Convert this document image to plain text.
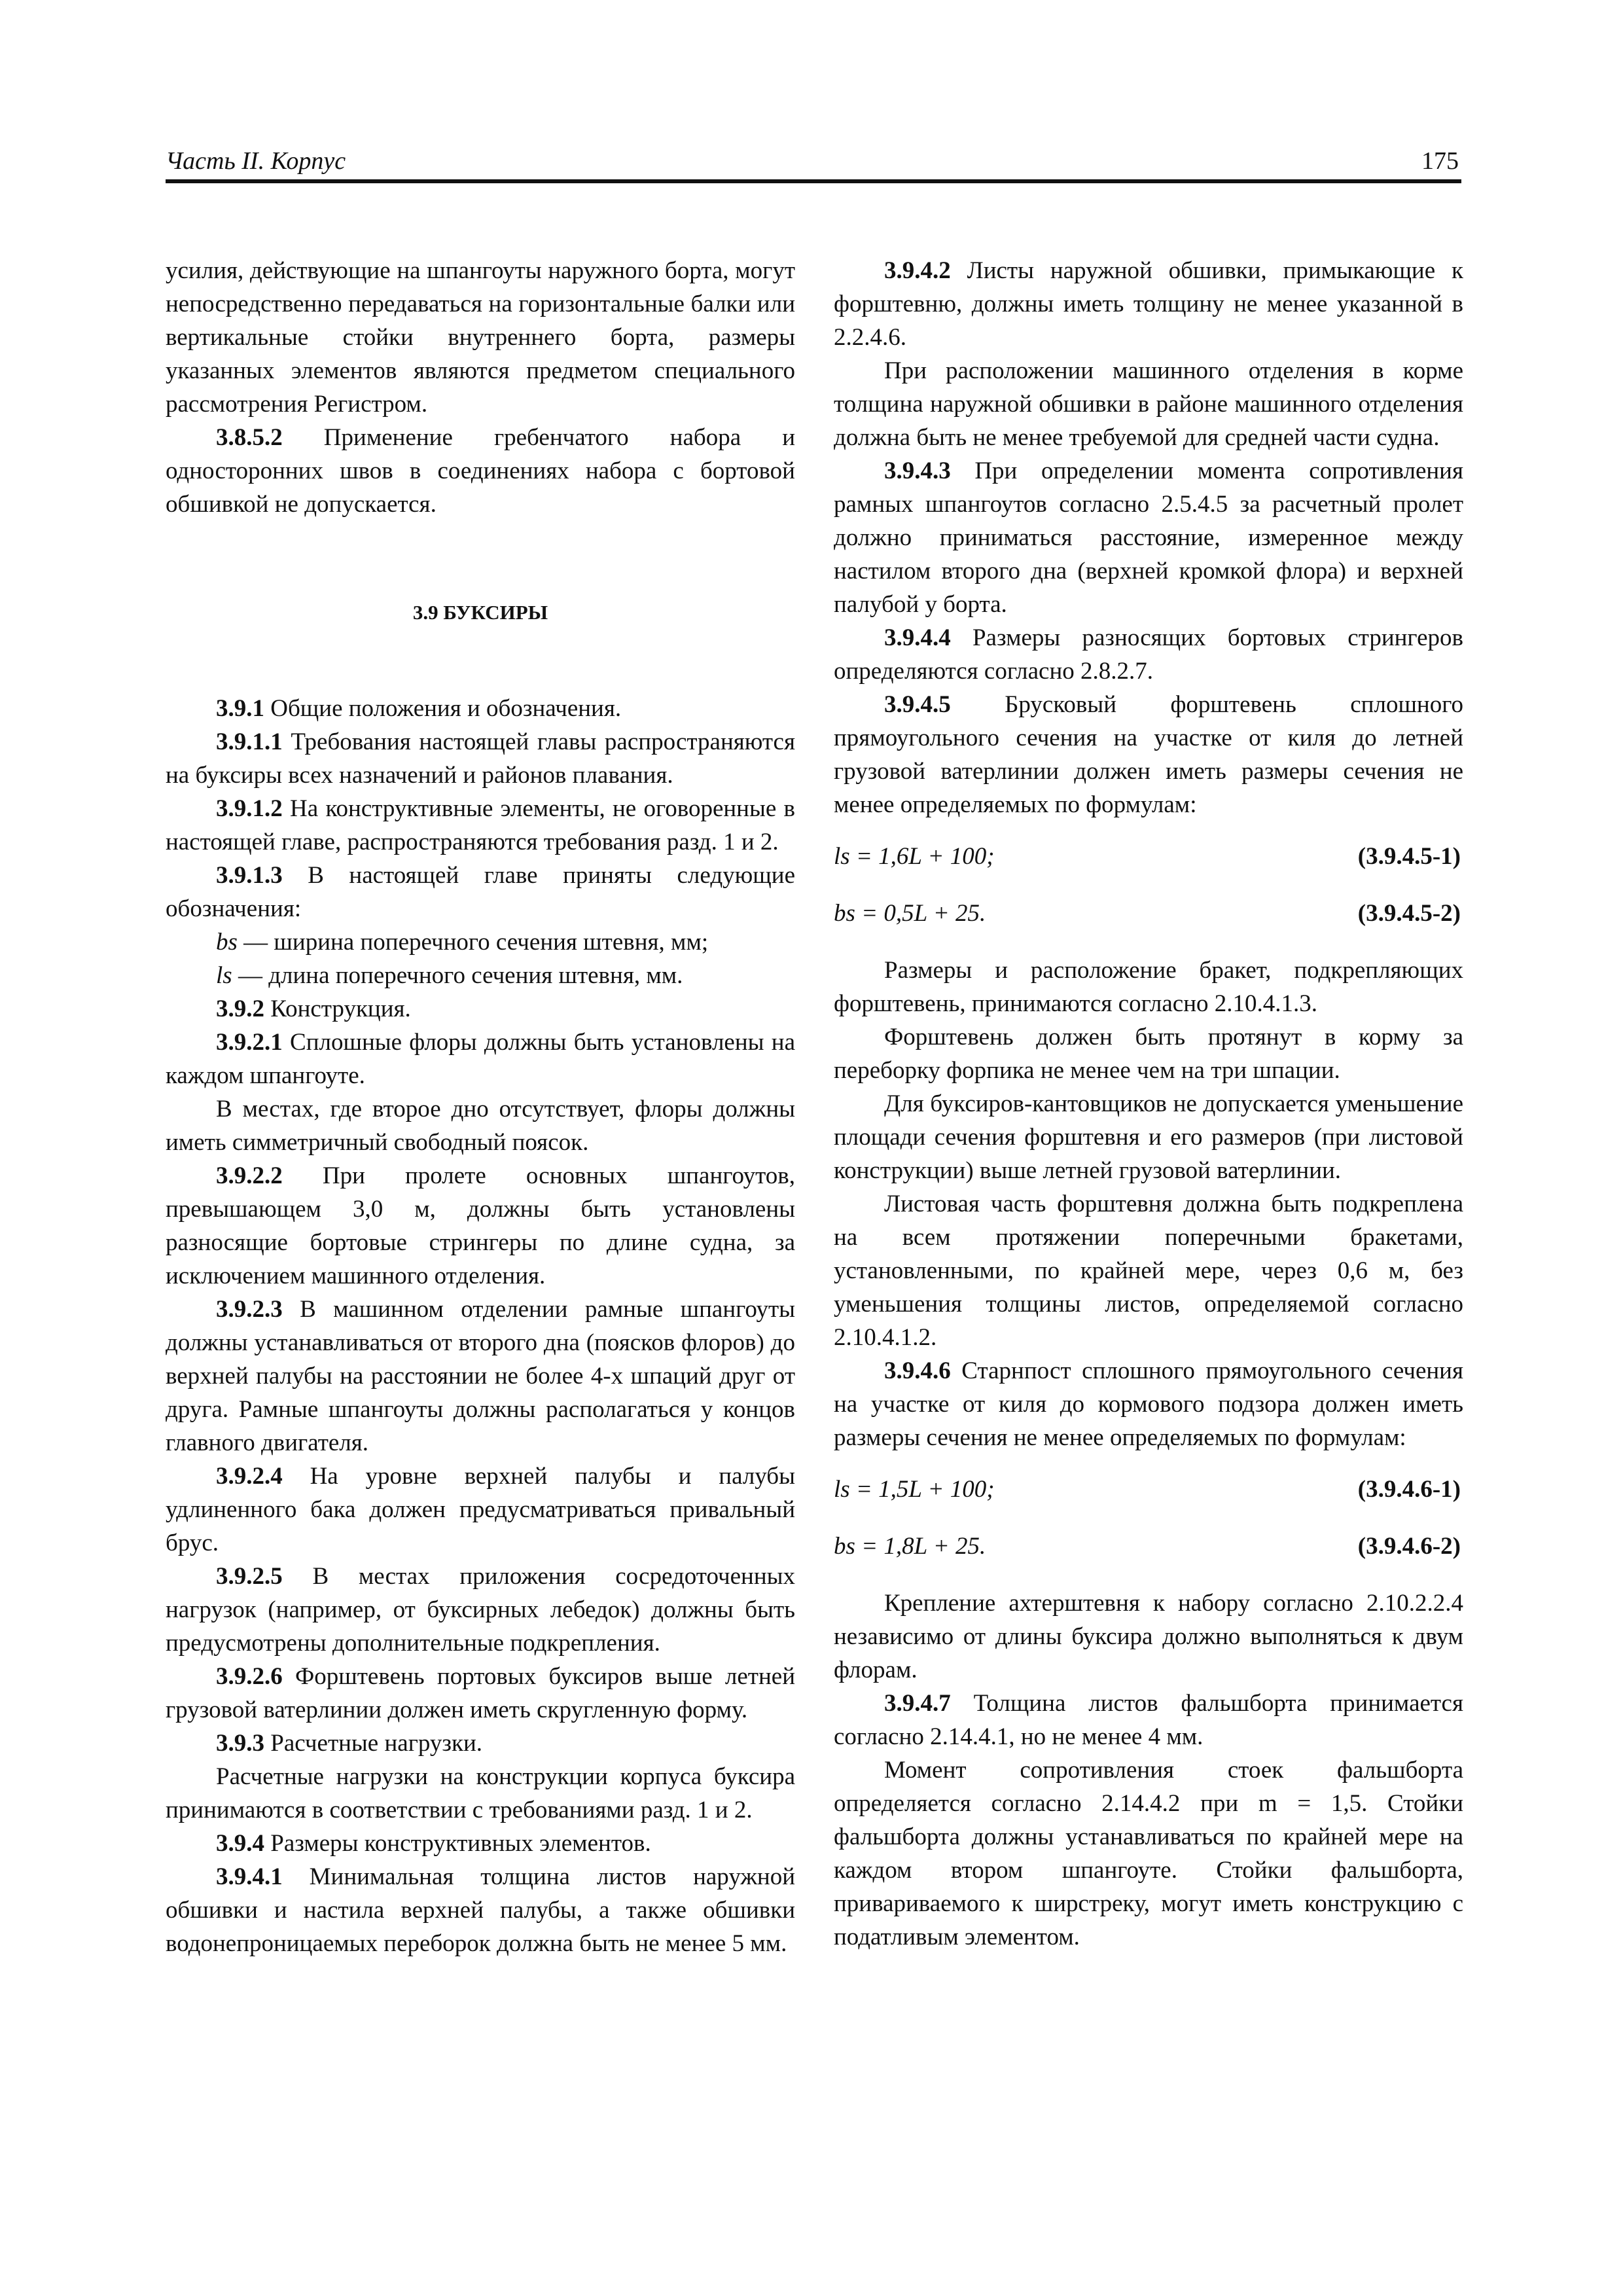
Часть II. Корпус	175

усилия, действующие на шпангоуты наружного борта, могут непосредственно передаваться на горизонтальные балки или вертикальные стойки внутреннего борта, размеры указанных элементов являются предметом специального рассмотрения Регистром.

3.8.5.2 Применение гребенчатого набора и односторонних швов в соединениях набора с бортовой обшивкой не допускается.

3.9 БУКСИРЫ

3.9.1 Общие положения и обозначения.

3.9.1.1 Требования настоящей главы распространяются на буксиры всех назначений и районов плавания.

3.9.1.2 На конструктивные элементы, не оговоренные в настоящей главе, распространяются требования разд. 1 и 2.

3.9.1.3 В настоящей главе приняты следующие обозначения:

bs — ширина поперечного сечения штевня, мм;

ls — длина поперечного сечения штевня, мм.

3.9.2 Конструкция.

3.9.2.1 Сплошные флоры должны быть установлены на каждом шпангоуте.

В местах, где второе дно отсутствует, флоры должны иметь симметричный свободный поясок.

3.9.2.2 При пролете основных шпангоутов, превышающем 3,0 м, должны быть установлены разносящие бортовые стрингеры по длине судна, за исключением машинного отделения.

3.9.2.3 В машинном отделении рамные шпангоуты должны устанавливаться от второго дна (поясков флоров) до верхней палубы на расстоянии не более 4-х шпаций друг от друга. Рамные шпангоуты должны располагаться у концов главного двигателя.

3.9.2.4 На уровне верхней палубы и палубы удлиненного бака должен предусматриваться привальный брус.

3.9.2.5 В местах приложения сосредоточенных нагрузок (например, от буксирных лебедок) должны быть предусмотрены дополнительные подкрепления.

3.9.2.6 Форштевень портовых буксиров выше летней грузовой ватерлинии должен иметь скругленную форму.

3.9.3 Расчетные нагрузки.

Расчетные нагрузки на конструкции корпуса буксира принимаются в соответствии с требованиями разд. 1 и 2.

3.9.4 Размеры конструктивных элементов.

3.9.4.1 Минимальная толщина листов наружной обшивки и настила верхней палубы, а также обшивки водонепроницаемых переборок должна быть не менее 5 мм.

3.9.4.2 Листы наружной обшивки, примыкающие к форштевню, должны иметь толщину не менее указанной в 2.2.4.6.

При расположении машинного отделения в корме толщина наружной обшивки в районе машинного отделения должна быть не менее требуемой для средней части судна.

3.9.4.3 При определении момента сопротивления рамных шпангоутов согласно 2.5.4.5 за расчетный пролет должно приниматься расстояние, измеренное между настилом второго дна (верхней кромкой флора) и верхней палубой у борта.

3.9.4.4 Размеры разносящих бортовых стрингеров определяются согласно 2.8.2.7.

3.9.4.5 Брусковый форштевень сплошного прямоугольного сечения на участке от киля до летней грузовой ватерлинии должен иметь размеры сечения не менее определяемых по формулам:

ls = 1,6L + 100;	(3.9.4.5-1)
bs = 0,5L + 25.	(3.9.4.5-2)

Размеры и расположение бракет, подкрепляющих форштевень, принимаются согласно 2.10.4.1.3.

Форштевень должен быть протянут в корму за переборку форпика не менее чем на три шпации.

Для буксиров-кантовщиков не допускается уменьшение площади сечения форштевня и его размеров (при листовой конструкции) выше летней грузовой ватерлинии.

Листовая часть форштевня должна быть подкреплена на всем протяжении поперечными бракетами, установленными, по крайней мере, через 0,6 м, без уменьшения толщины листов, определяемой согласно 2.10.4.1.2.

3.9.4.6 Старнпост сплошного прямоугольного сечения на участке от киля до кормового подзора должен иметь размеры сечения не менее определяемых по формулам:

ls = 1,5L + 100;	(3.9.4.6-1)
bs = 1,8L + 25.	(3.9.4.6-2)

Крепление ахтерштевня к набору согласно 2.10.2.2.4 независимо от длины буксира должно выполняться к двум флорам.

3.9.4.7 Толщина листов фальшборта принимается согласно 2.14.4.1, но не менее 4 мм.

Момент сопротивления стоек фальшборта определяется согласно 2.14.4.2 при m = 1,5. Стойки фальшборта должны устанавливаться по крайней мере на каждом втором шпангоуте. Стойки фальшборта, привариваемого к ширстреку, могут иметь конструкцию с податливым элементом.
